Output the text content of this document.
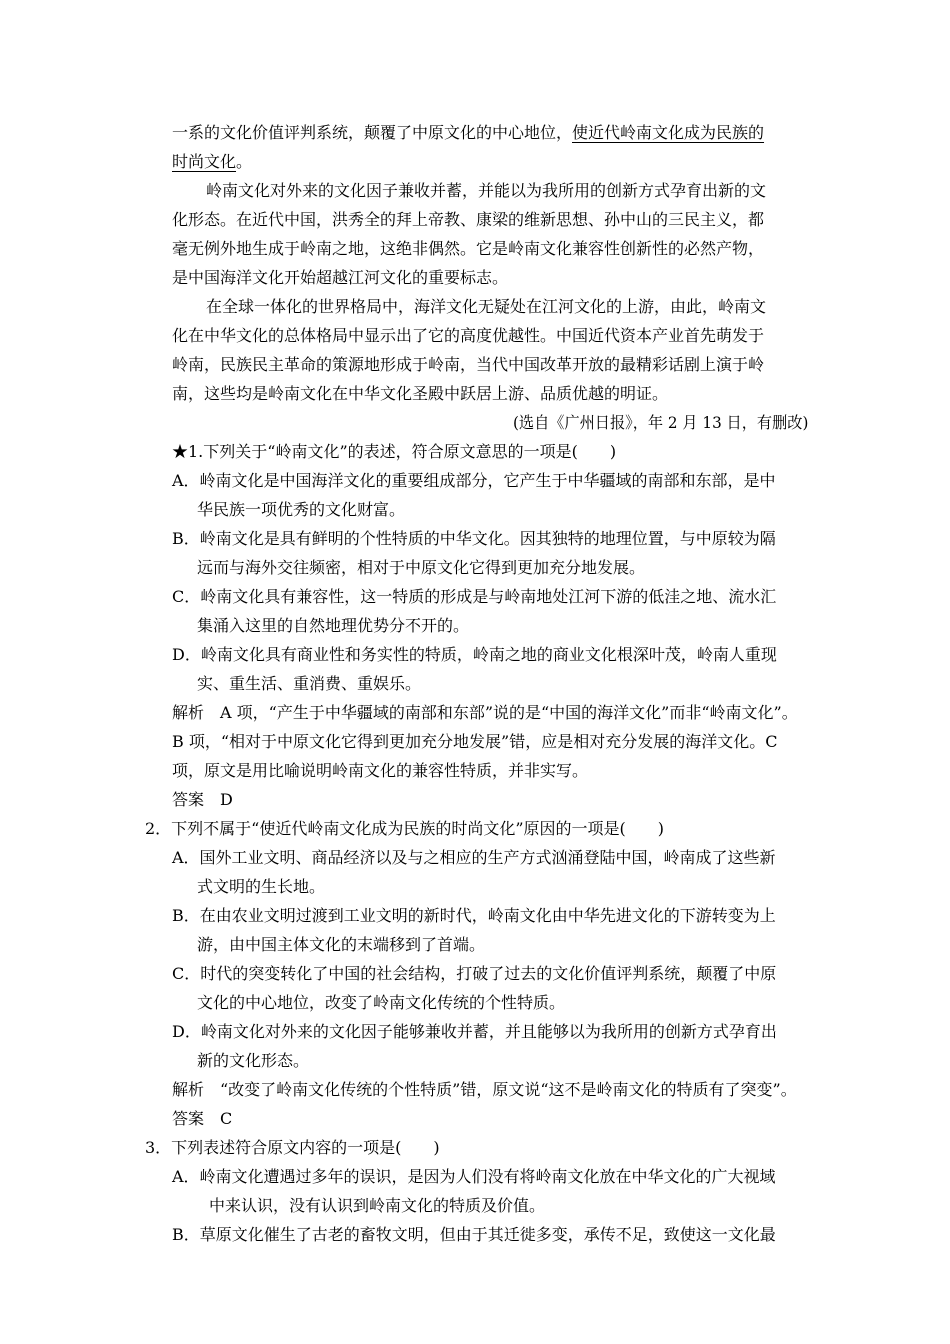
一系的文化价值评判系统，颠覆了中原文化的中心地位，使近代岭南文化成为民族的
时尚文化。
岭南文化对外来的文化因子兼收并蓄，并能以为我所用的创新方式孕育出新的文
化形态。在近代中国，洪秀全的拜上帝教、康梁的维新思想、孙中山的三民主义，都
毫无例外地生成于岭南之地，这绝非偶然。它是岭南文化兼容性创新性的必然产物，
是中国海洋文化开始超越江河文化的重要标志。
在全球一体化的世界格局中，海洋文化无疑处在江河文化的上游，由此，岭南文
化在中华文化的总体格局中显示出了它的高度优越性。中国近代资本产业首先萌发于
岭南，民族民主革命的策源地形成于岭南，当代中国改革开放的最精彩话剧上演于岭
南，这些均是岭南文化在中华文化圣殿中跃居上游、品质优越的明证。
(选自《广州日报》，年 2 月 13 日，有删改)
★1.下列关于“岭南文化”的表述，符合原文意思的一项是(　　)
A．岭南文化是中国海洋文化的重要组成部分，它产生于中华疆域的南部和东部，是中
华民族一项优秀的文化财富。
B．岭南文化是具有鲜明的个性特质的中华文化。因其独特的地理位置，与中原较为隔
远而与海外交往频密，相对于中原文化它得到更加充分地发展。
C．岭南文化具有兼容性，这一特质的形成是与岭南地处江河下游的低洼之地、流水汇
集涌入这里的自然地理优势分不开的。
D．岭南文化具有商业性和务实性的特质，岭南之地的商业文化根深叶茂，岭南人重现
实、重生活、重消费、重娱乐。
解析　A 项，“产生于中华疆域的南部和东部”说的是“中国的海洋文化”而非“岭南文化”。
B 项，“相对于中原文化它得到更加充分地发展”错，应是相对充分发展的海洋文化。C
项，原文是用比喻说明岭南文化的兼容性特质，并非实写。
答案　D
2．下列不属于“使近代岭南文化成为民族的时尚文化”原因的一项是(　　)
A．国外工业文明、商品经济以及与之相应的生产方式汹涌登陆中国，岭南成了这些新
式文明的生长地。
B．在由农业文明过渡到工业文明的新时代，岭南文化由中华先进文化的下游转变为上
游，由中国主体文化的末端移到了首端。
C．时代的突变转化了中国的社会结构，打破了过去的文化价值评判系统，颠覆了中原
文化的中心地位，改变了岭南文化传统的个性特质。
D．岭南文化对外来的文化因子能够兼收并蓄，并且能够以为我所用的创新方式孕育出
新的文化形态。
解析　“改变了岭南文化传统的个性特质”错，原文说“这不是岭南文化的特质有了突变”。
答案　C
3．下列表述符合原文内容的一项是(　　)
A．岭南文化遭遇过多年的误识，是因为人们没有将岭南文化放在中华文化的广大视域
中来认识，没有认识到岭南文化的特质及价值。
B．草原文化催生了古老的畜牧文明，但由于其迁徙多变，承传不足，致使这一文化最
